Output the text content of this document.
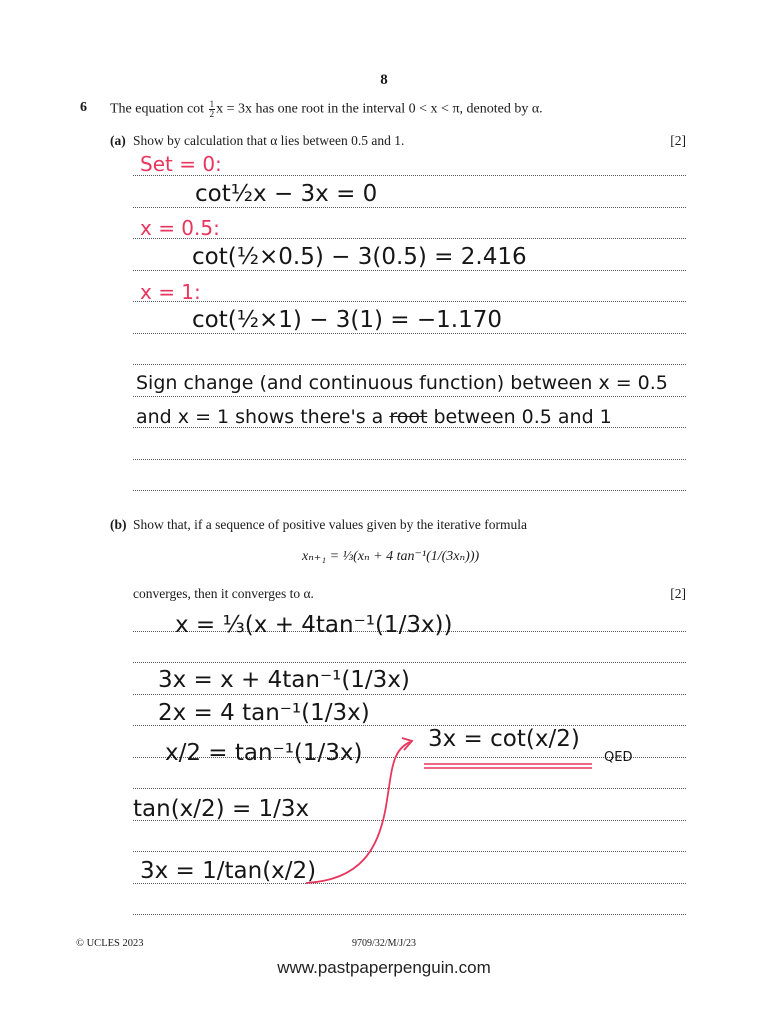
8
6 The equation $\cot \frac{1}{2}$ x = 3x has one root in the interval 0 < x < π, denoted by α.
(a) Show by calculation that α lies between 0.5 and 1.	[2]
Set = 0:
cot½x − 3x = 0
x = 0.5:
cot(½×0.5) − 3(0.5) = 2.416
x = 1:
cot(½×1) − 3(1) = −1.170
Sign change (and continuous function) between x = 0.5
and x = 1 shows there's a root between 0.5 and 1
(b) Show that, if a sequence of positive values given by the iterative formula
xₙ₊₁ = ⅓(xₙ + 4 tan⁻¹(1/(3xₙ)))
converges, then it converges to α.	[2]
x = ⅓(x + 4tan⁻¹(1/3x))
3x = x + 4tan⁻¹(1/3x)
2x = 4 tan⁻¹(1/3x)
x/2 = tan⁻¹(1/3x)
tan(x/2) = 1/3x
3x = 1/tan(x/2)
3x = cot(x/2)
QED
© UCLES 2023	9709/32/M/J/23
www.pastpaperpenguin.com
